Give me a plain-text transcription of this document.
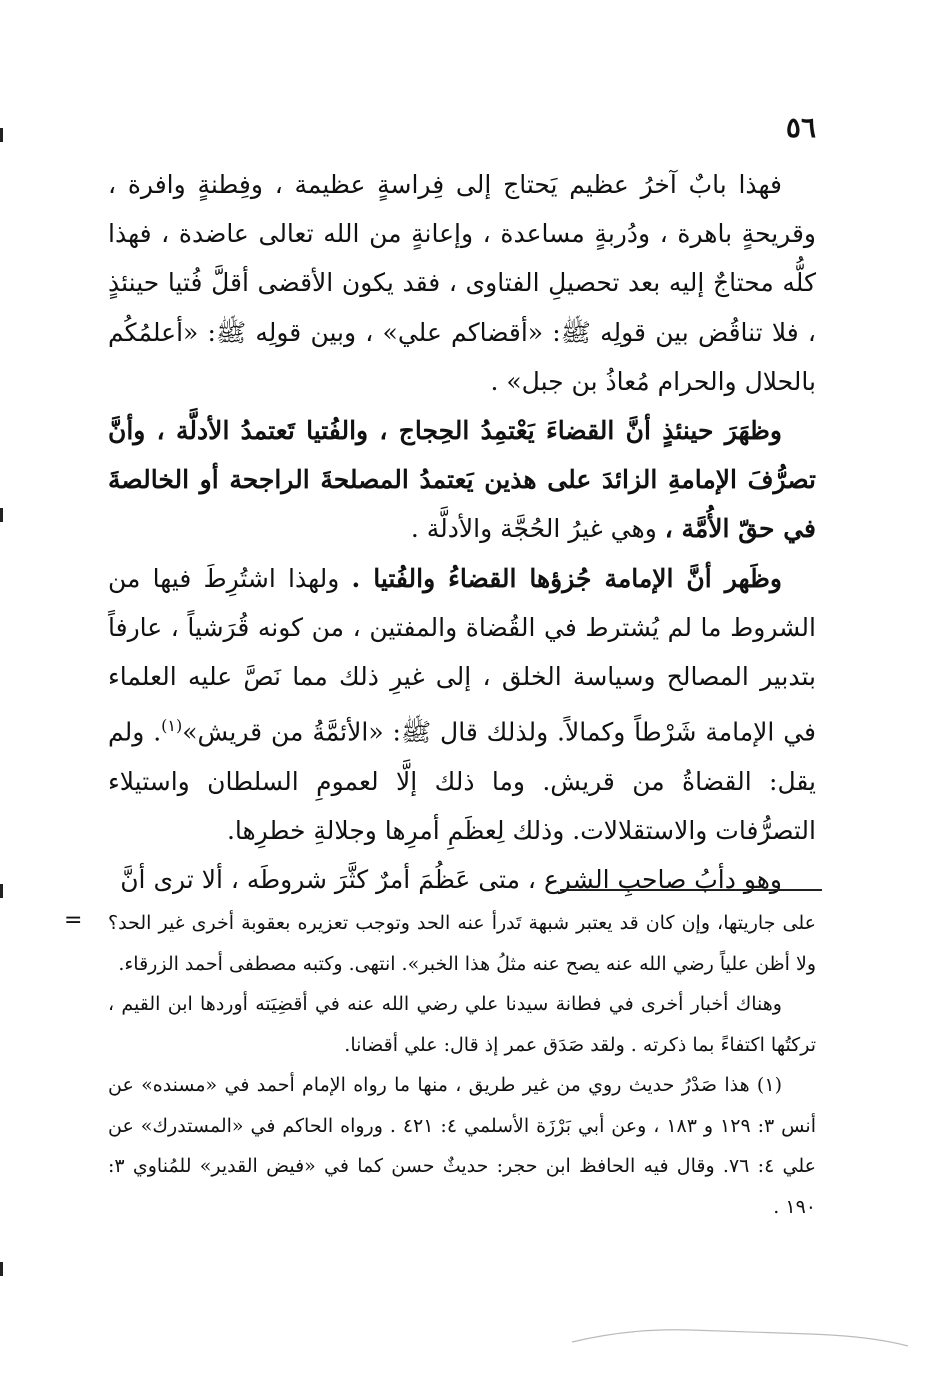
٥٦

فهذا بابٌ آخرُ عظيم يَحتاج إلى فِراسةٍ عظيمة ، وفِطنةٍ وافرة ، وقريحةٍ باهرة ، ودُربةٍ مساعدة ، وإعانةٍ من الله تعالى عاضدة ، فهذا كلُّه محتاجٌ إليه بعد تحصيلِ الفتاوى ، فقد يكون الأقضى أقلَّ فُتيا حينئذٍ ، فلا تناقُض بين قولِه ﷺ: «أقضاكم علي» ، وبين قولِه ﷺ: «أعلمُكُم بالحلال والحرام مُعاذُ بن جبل» .

وظهَرَ حينئذٍ أنَّ القضاءَ يَعْتمِدُ الحِجاج ، والفُتيا تَعتمدُ الأدلَّة ، وأنَّ تصرُّفَ الإمامةِ الزائدَ على هذين يَعتمدُ المصلحةَ الراجحة أو الخالصةَ في حقّ الأُمَّة ، وهي غيرُ الحُجَّة والأدلَّة .

وظَهر أنَّ الإمامة جُزؤها القضاءُ والفُتيا . ولهذا اشتُرِطَ فيها من الشروط ما لم يُشترط في القُضاة والمفتين ، من كونه قُرَشياً ، عارفاً بتدبير المصالح وسياسة الخلق ، إلى غيرِ ذلك مما نَصَّ عليه العلماء في الإمامة شَرْطاً وكمالاً. ولذلك قال ﷺ: «الأئمَّةُ من قريش»$^{(١)}$. ولم يقل: القضاةُ من قريش. وما ذلك إلَّا لعمومِ السلطان واستيلاء التصرُّفات والاستقلالات. وذلك لِعظَمِ أمرِها وجلالةِ خطرِها.

وهو دأبُ صاحبِ الشرع ، متى عَظُمَ أمرٌ كثَّرَ شروطَه ، ألا ترى أنَّ

على جاريتها، وإن كان قد يعتبر شبهة تَدرأ عنه الحد وتوجب تعزيره بعقوبة أخرى غير الحد؟ ولا أظن علياً رضي الله عنه يصح عنه مثلُ هذا الخبر». انتهى. وكتبه مصطفى أحمد الزرقاء.

وهناك أخبار أخرى في فطانة سيدنا علي رضي الله عنه في أقضِيَته أوردها ابن القيم ، تركتُها اكتفاءً بما ذكرته . ولقد صَدَق عمر إذ قال: علي أقضانا.

(١) هذا صَدْرُ حديث روي من غير طريق ، منها ما رواه الإمام أحمد في «مسنده» عن أنس ٣: ١٢٩ و ١٨٣ ، وعن أبي بَرْزَة الأسلمي ٤: ٤٢١ . ورواه الحاكم في «المستدرك» عن علي ٤: ٧٦. وقال فيه الحافظ ابن حجر: حديثٌ حسن كما في «فيض القدير» للمُناوي ٣: ١٩٠ .

=
